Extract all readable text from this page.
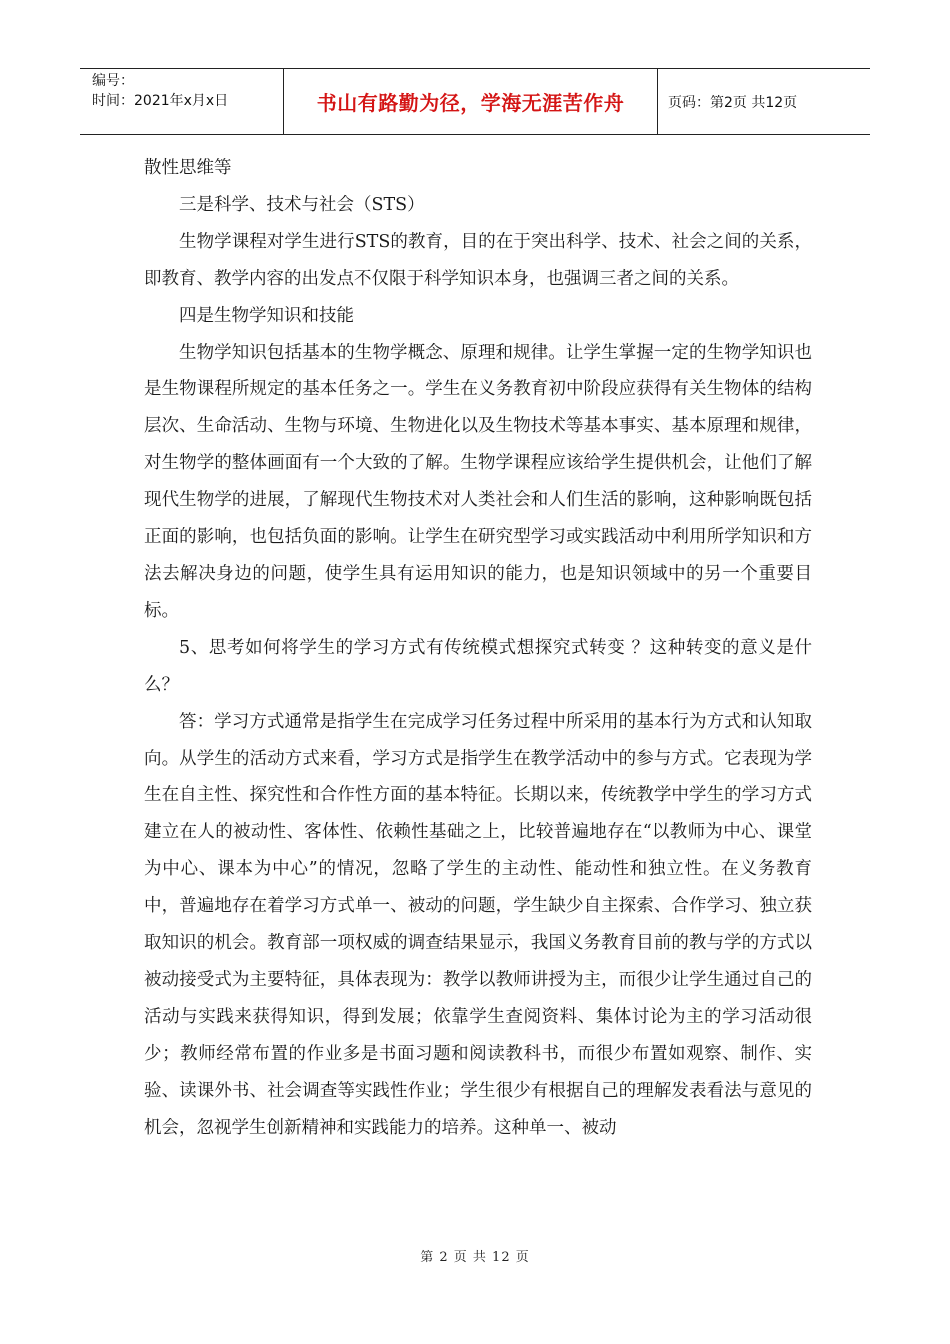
编号：
时间：2021年x月x日	书山有路勤为径，学海无涯苦作舟	页码：第2页 共12页

散性思维等

三是科学、技术与社会（STS）

生物学课程对学生进行STS的教育，目的在于突出科学、技术、社会之间的关系，即教育、教学内容的出发点不仅限于科学知识本身，也强调三者之间的关系。

四是生物学知识和技能

生物学知识包括基本的生物学概念、原理和规律。让学生掌握一定的生物学知识也是生物课程所规定的基本任务之一。学生在义务教育初中阶段应获得有关生物体的结构层次、生命活动、生物与环境、生物进化以及生物技术等基本事实、基本原理和规律，对生物学的整体画面有一个大致的了解。生物学课程应该给学生提供机会，让他们了解现代生物学的进展，了解现代生物技术对人类社会和人们生活的影响，这种影响既包括正面的影响，也包括负面的影响。让学生在研究型学习或实践活动中利用所学知识和方法去解决身边的问题，使学生具有运用知识的能力，也是知识领域中的另一个重要目标。

5、思考如何将学生的学习方式有传统模式想探究式转变 ？这种转变的意义是什么？

答：学习方式通常是指学生在完成学习任务过程中所采用的基本行为方式和认知取向。从学生的活动方式来看，学习方式是指学生在教学活动中的参与方式。它表现为学生在自主性、探究性和合作性方面的基本特征。长期以来，传统教学中学生的学习方式建立在人的被动性、客体性、依赖性基础之上，比较普遍地存在“以教师为中心、课堂为中心、课本为中心”的情况，忽略了学生的主动性、能动性和独立性。在义务教育中，普遍地存在着学习方式单一、被动的问题，学生缺少自主探索、合作学习、独立获取知识的机会。教育部一项权威的调查结果显示，我国义务教育目前的教与学的方式以被动接受式为主要特征，具体表现为：教学以教师讲授为主，而很少让学生通过自己的活动与实践来获得知识，得到发展；依靠学生查阅资料、集体讨论为主的学习活动很少；教师经常布置的作业多是书面习题和阅读教科书，而很少布置如观察、制作、实验、读课外书、社会调查等实践性作业；学生很少有根据自己的理解发表看法与意见的机会，忽视学生创新精神和实践能力的培养。这种单一、被动

第 2 页 共 12 页
